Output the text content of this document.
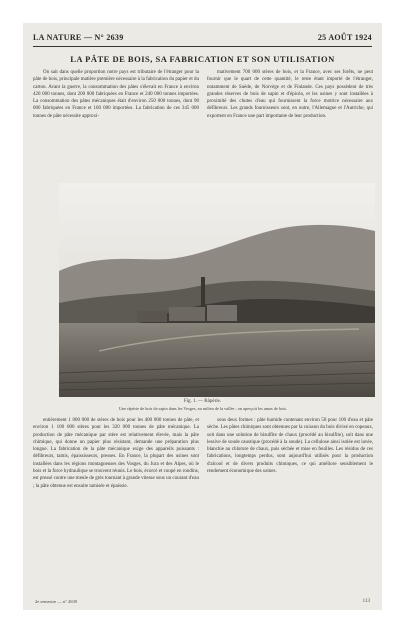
LA NATURE — N° 2639	25 AOÛT 1924
LA PÂTE DE BOIS, SA FABRICATION ET SON UTILISATION

On sait dans quelle proportion notre pays est tributaire de l'étranger pour la pâte de bois, principale matière première nécessaire à la fabrication du papier et du carton. Avant la guerre, la consommation des pâtes s'élevait en France à environ 420 000 tonnes, dont 200 000 fabriquées en France et 240 000 tonnes importées. La consommation des pâtes mécaniques était d'environ 250 000 tonnes, dont 90 000 fabriquées en France et 160 000 importées. La fabrication de ces 345 000 tonnes de pâte nécessite approxi-

mativement 700 000 stères de bois, et la France, avec ses forêts, ne peut fournir que le quart de cette quantité, le reste étant importé de l'étranger, notamment de Suède, de Norvège et de Finlande. Ces pays possèdent de très grandes réserves de bois de sapin et d'épicéa, et les usines y sont installées à proximité des chutes d'eau qui fournissent la force motrice nécessaire aux défibreurs. Les grands fournisseurs sont, en outre, l'Allemagne et l'Autriche, qui exportent en France une part importante de leur production.

Fig. 1. — Râpérie.
Une râpérie de bois de sapin dans les Vosges, au milieu de la vallée ; on aperçoit les amas de bois.

entièrement 1 000 000 de stères de bois pour les 400 000 tonnes de pâte, et environ 1 100 000 stères pour les 320 000 tonnes de pâte mécanique. La production de pâte mécanique par stère est relativement élevée, mais la pâte chimique, qui donne un papier plus résistant, demande une préparation plus longue. La fabrication de la pâte mécanique exige des appareils puissants : défibreurs, tamis, épaississeurs, presses. En France, la plupart des usines sont installées dans les régions montagneuses des Vosges, du Jura et des Alpes, où le bois et la force hydraulique se trouvent réunis. Le bois, écorcé et coupé en rondins, est pressé contre une meule de grès tournant à grande vitesse sous un courant d'eau ; la pâte obtenue est ensuite tamisée et épaissie.

sous deux formes : pâte humide contenant environ 50 pour 100 d'eau et pâte sèche. Les pâtes chimiques sont obtenues par la cuisson du bois divisé en copeaux, soit dans une solution de bisulfite de chaux (procédé au bisulfite), soit dans une lessive de soude caustique (procédé à la soude). La cellulose ainsi isolée est lavée, blanchie au chlorure de chaux, puis séchée et mise en feuilles. Les résidus de ces fabrications, longtemps perdus, sont aujourd'hui utilisés pour la production d'alcool et de divers produits chimiques, ce qui améliore sensiblement le rendement économique des usines.

2e semestre — n° 2639	113
